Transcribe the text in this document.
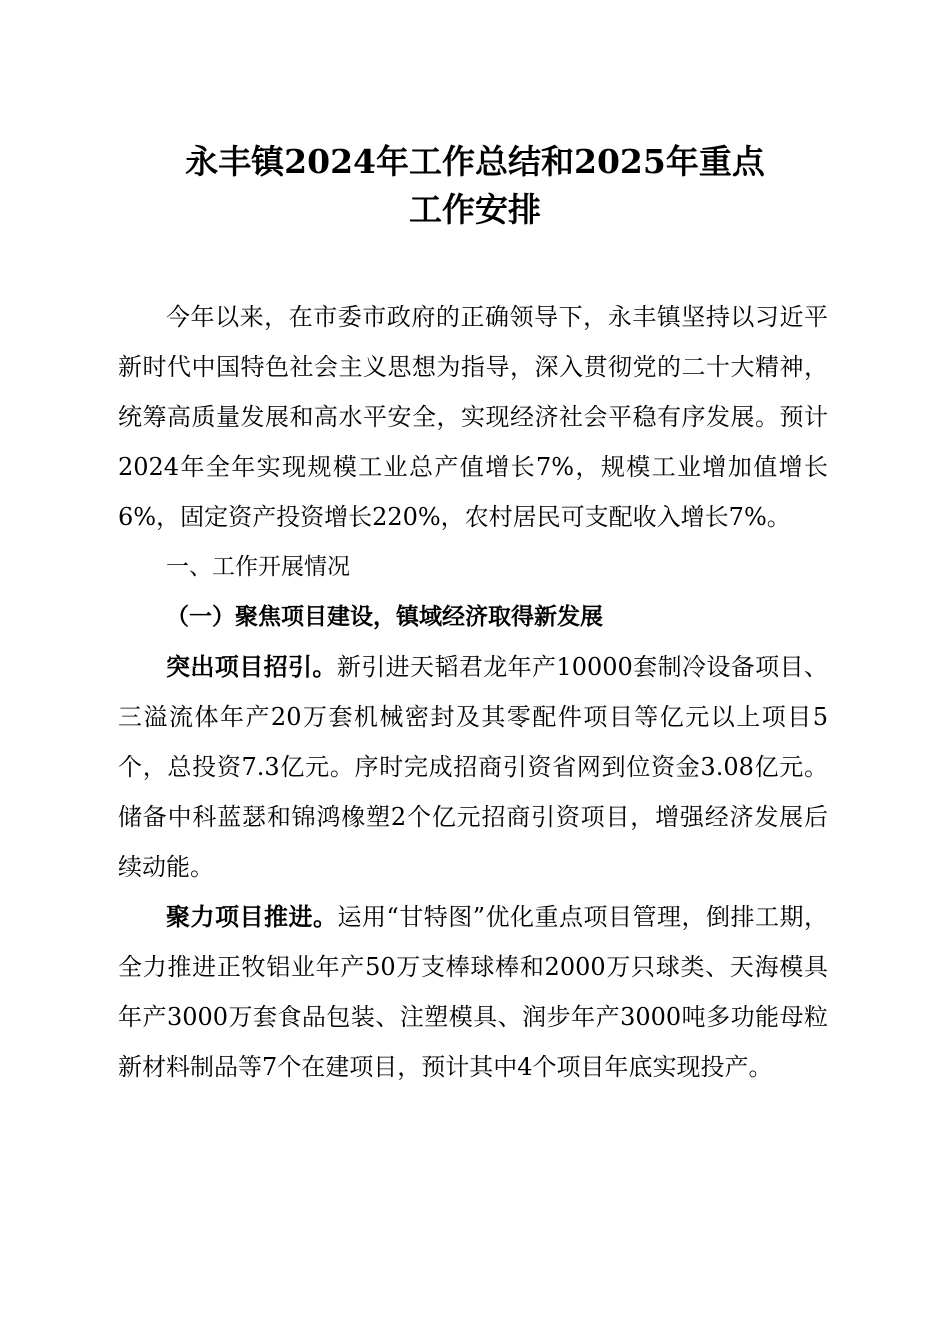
永丰镇2024年工作总结和2025年重点
工作安排

今年以来，在市委市政府的正确领导下，永丰镇坚持以习近平新时代中国特色社会主义思想为指导，深入贯彻党的二十大精神，统筹高质量发展和高水平安全，实现经济社会平稳有序发展。预计2024年全年实现规模工业总产值增长7%，规模工业增加值增长6%，固定资产投资增长220%，农村居民可支配收入增长7%。

一、工作开展情况

（一）聚焦项目建设，镇域经济取得新发展

突出项目招引。新引进天韬君龙年产10000套制冷设备项目、三溢流体年产20万套机械密封及其零配件项目等亿元以上项目5个，总投资7.3亿元。序时完成招商引资省网到位资金3.08亿元。储备中科蓝瑟和锦鸿橡塑2个亿元招商引资项目，增强经济发展后续动能。

聚力项目推进。运用“甘特图”优化重点项目管理，倒排工期，全力推进正牧铝业年产50万支棒球棒和2000万只球类、天海模具年产3000万套食品包装、注塑模具、润步年产3000吨多功能母粒新材料制品等7个在建项目，预计其中4个项目年底实现投产。
